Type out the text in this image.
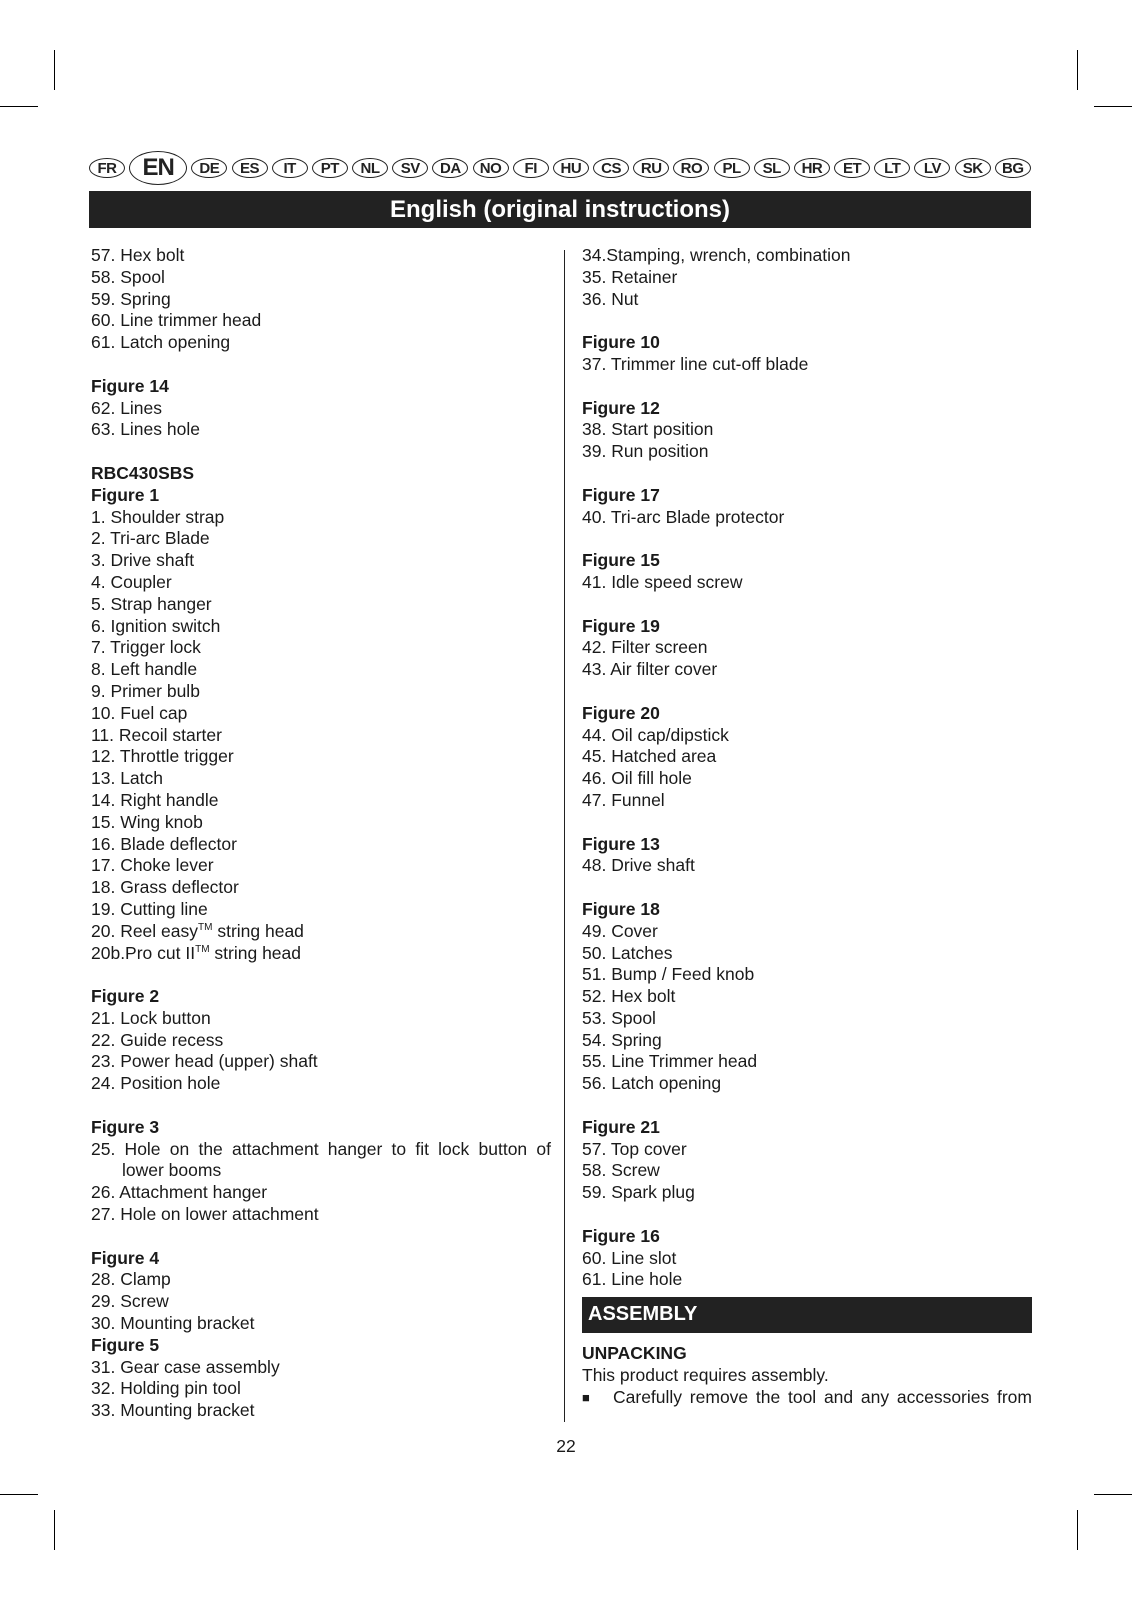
FR	EN	DE	ES	IT	PT	NL	SV	DA	NO	FI	HU	CS	RU	RO	PL	SL	HR	ET	LT	LV	SK	BG
English (original instructions)

57. Hex bolt

58. Spool

59. Spring

60. Line trimmer head

61. Latch opening

Figure 14

62. Lines

63. Lines hole

RBC430SBS

Figure 1

1. Shoulder strap

2. Tri-arc Blade

3. Drive shaft

4. Coupler

5. Strap hanger

6. Ignition switch

7. Trigger lock

8. Left handle

9. Primer bulb

10. Fuel cap

11. Recoil starter

12. Throttle trigger

13. Latch

14. Right handle

15. Wing knob

16. Blade deflector

17. Choke lever

18. Grass deflector

19. Cutting line

20. Reel easy™ string head

20b.Pro cut II™ string head

Figure 2

21. Lock button

22. Guide recess

23. Power head (upper) shaft

24. Position hole

Figure 3

25. Hole on the attachment hanger to fit lock button of lower booms

26. Attachment hanger

27. Hole on lower attachment

Figure 4

28. Clamp

29. Screw

30. Mounting bracket

Figure 5

31. Gear case assembly

32. Holding pin tool

33. Mounting bracket

34.Stamping, wrench, combination

35. Retainer

36. Nut

Figure 10

37. Trimmer line cut-off blade

Figure 12

38. Start position

39. Run position

Figure 17

40. Tri-arc Blade protector

Figure 15

41. Idle speed screw

Figure 19

42. Filter screen

43. Air filter cover

Figure 20

44. Oil cap/dipstick

45. Hatched area

46. Oil fill hole

47. Funnel

Figure 13

48. Drive shaft

Figure 18

49. Cover

50. Latches

51. Bump / Feed knob

52. Hex bolt

53. Spool

54. Spring

55. Line Trimmer head

56. Latch opening

Figure 21

57. Top cover

58. Screw

59. Spark plug

Figure 16

60. Line slot

61. Line hole

ASSEMBLY

UNPACKING

This product requires assembly.

■	Carefully remove the tool and any accessories from
22
